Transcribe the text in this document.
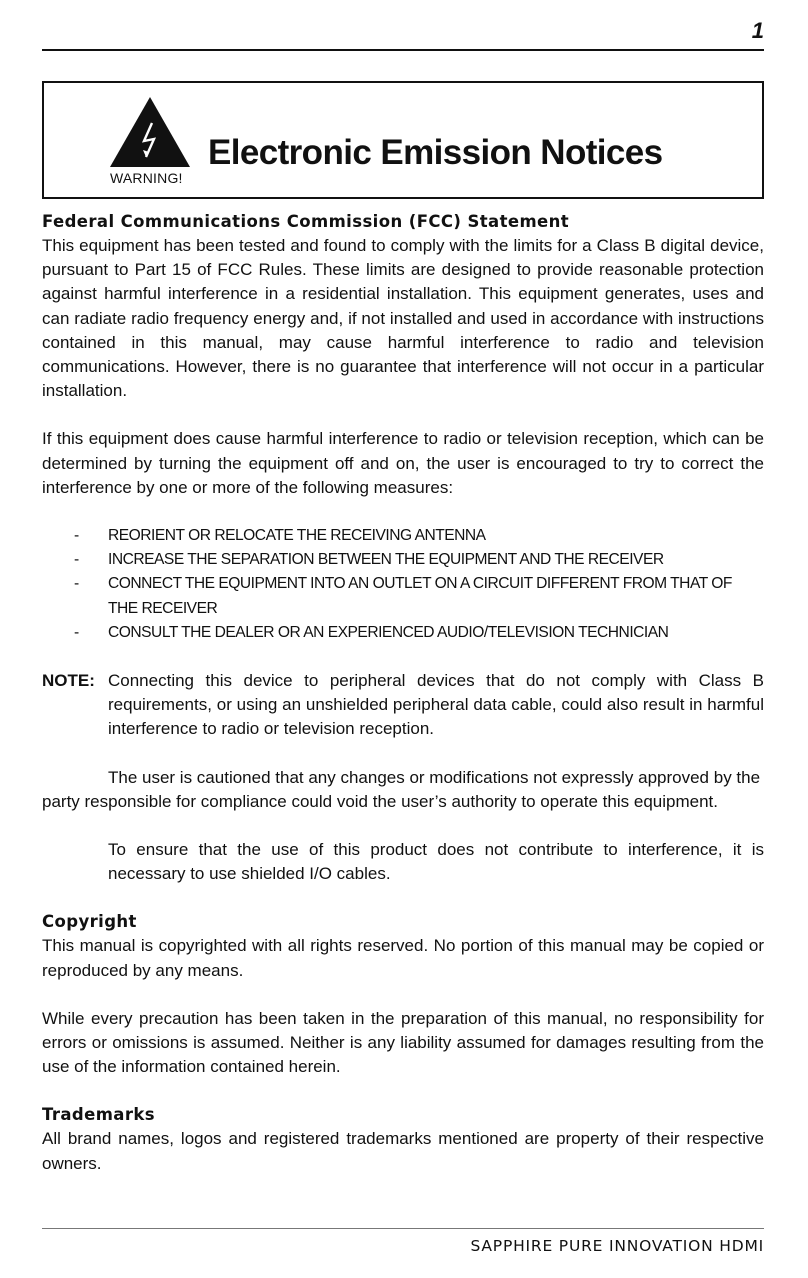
1
WARNING!
Electronic Emission Notices
Federal Communications Commission (FCC) Statement

This equipment has been tested and found to comply with the limits for a Class B digital device, pursuant to Part 15 of FCC Rules. These limits are designed to provide reasonable protection against harmful interference in a residential installation. This equipment generates, uses and can radiate radio frequency energy and, if not installed and used in accordance with instructions contained in this manual, may cause harmful interference to radio and television communications. However, there is no guarantee that interference will not occur in a particular installation.

If this equipment does cause harmful interference to radio or television reception, which can be determined by turning the equipment off and on, the user is encouraged to try to correct the interference by one or more of the following measures:

- REORIENT OR RELOCATE THE RECEIVING ANTENNA
- INCREASE THE SEPARATION BETWEEN THE EQUIPMENT AND THE RECEIVER
- CONNECT THE EQUIPMENT INTO AN OUTLET ON A CIRCUIT DIFFERENT FROM THAT OF THE RECEIVER
- CONSULT THE DEALER OR AN EXPERIENCED AUDIO/TELEVISION TECHNICIAN
NOTE: Connecting this device to peripheral devices that do not comply with Class B requirements, or using an unshielded peripheral data cable, could also result in harmful interference to radio or television reception.

The user is cautioned that any changes or modifications not expressly approved by the party responsible for compliance could void the user’s authority to operate this equipment.

To ensure that the use of this product does not contribute to interference, it is necessary to use shielded I/O cables.

Copyright

This manual is copyrighted with all rights reserved. No portion of this manual may be copied or reproduced by any means.

While every precaution has been taken in the preparation of this manual, no responsibility for errors or omissions is assumed. Neither is any liability assumed for damages resulting from the use of the information contained herein.

Trademarks

All brand names, logos and registered trademarks mentioned are property of their respective owners.

SAPPHIRE PURE INNOVATION HDMI
